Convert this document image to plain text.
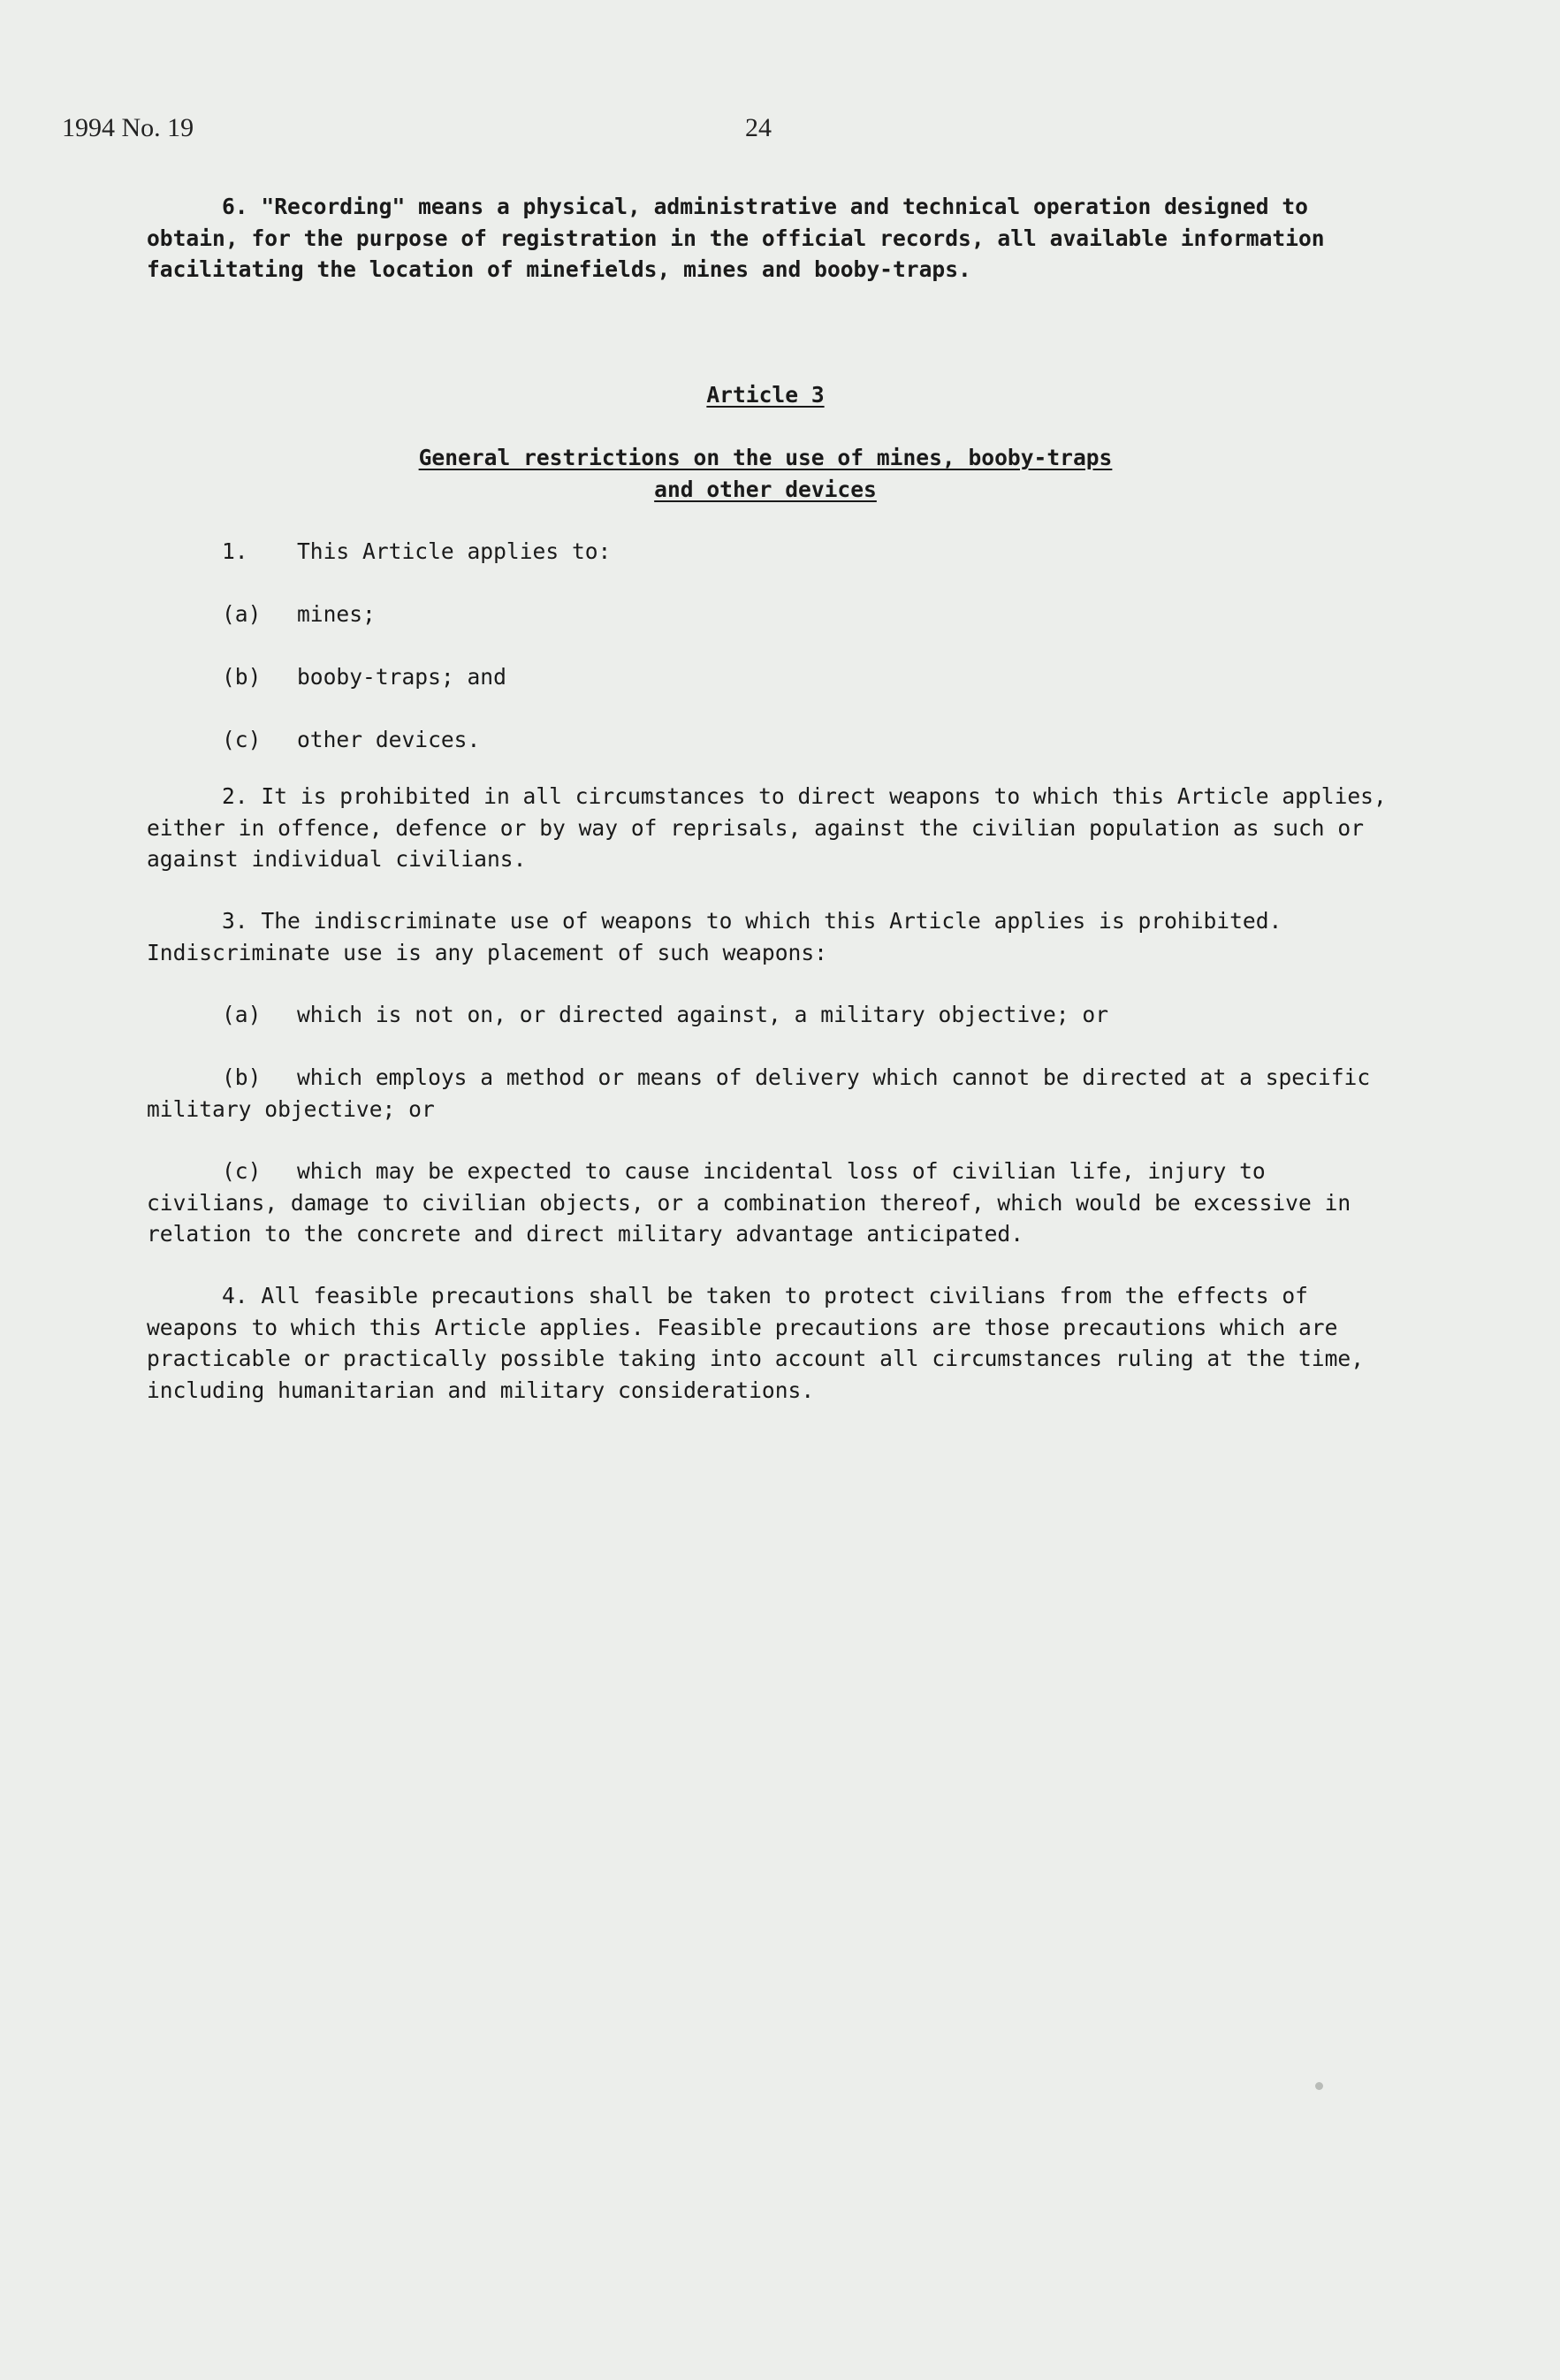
1994 No. 19	24

6. "Recording" means a physical, administrative and technical operation designed to obtain, for the purpose of registration in the official records, all available information facilitating the location of minefields, mines and booby-traps.
Article 3
General restrictions on the use of mines, booby-traps
and other devices
1. This Article applies to:
(a) mines;
(b) booby-traps; and
(c) other devices.
2. It is prohibited in all circumstances to direct weapons to which this Article applies, either in offence, defence or by way of reprisals, against the civilian population as such or against individual civilians.
3. The indiscriminate use of weapons to which this Article applies is prohibited. Indiscriminate use is any placement of such weapons:
(a) which is not on, or directed against, a military objective; or
(b) which employs a method or means of delivery which cannot be directed at a specific military objective; or
(c) which may be expected to cause incidental loss of civilian life, injury to civilians, damage to civilian objects, or a combination thereof, which would be excessive in relation to the concrete and direct military advantage anticipated.
4. All feasible precautions shall be taken to protect civilians from the effects of weapons to which this Article applies. Feasible precautions are those precautions which are practicable or practically possible taking into account all circumstances ruling at the time, including humanitarian and military considerations.
